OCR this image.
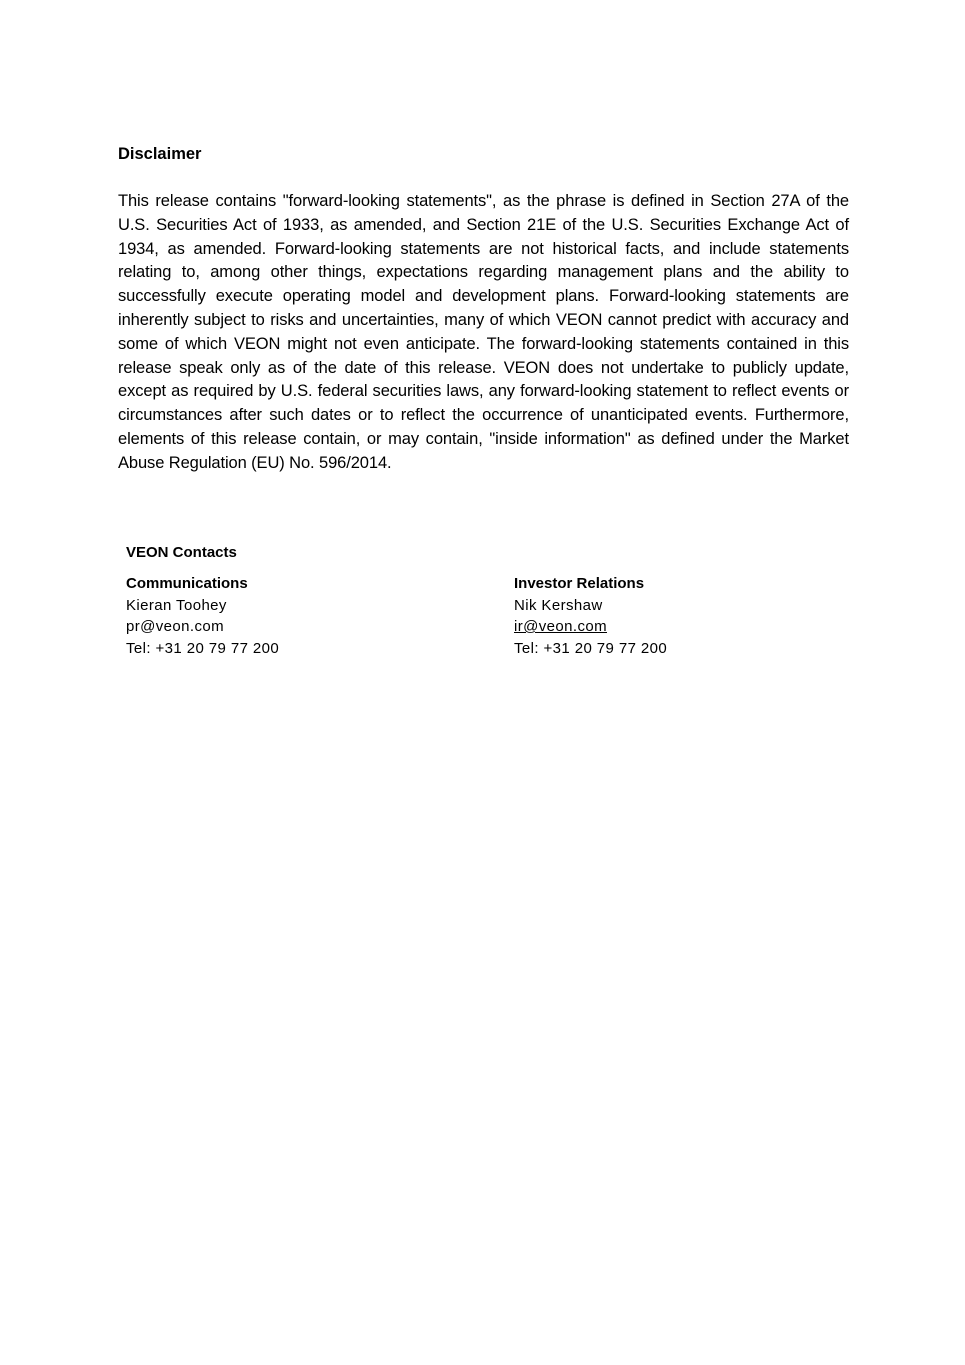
Disclaimer

This release contains "forward-looking statements", as the phrase is defined in Section 27A of the U.S. Securities Act of 1933, as amended, and Section 21E of the U.S. Securities Exchange Act of 1934, as amended. Forward-looking statements are not historical facts, and include statements relating to, among other things, expectations regarding management plans and the ability to successfully execute operating model and development plans. Forward-looking statements are inherently subject to risks and uncertainties, many of which VEON cannot predict with accuracy and some of which VEON might not even anticipate. The forward-looking statements contained in this release speak only as of the date of this release. VEON does not undertake to publicly update, except as required by U.S. federal securities laws, any forward-looking statement to reflect events or circumstances after such dates or to reflect the occurrence of unanticipated events. Furthermore, elements of this release contain, or may contain, "inside information" as defined under the Market Abuse Regulation (EU) No. 596/2014.

VEON Contacts
Communications
Kieran Toohey
pr@veon.com
Tel: +31 20 79 77 200
Investor Relations
Nik Kershaw
ir@veon.com
Tel: +31 20 79 77 200
